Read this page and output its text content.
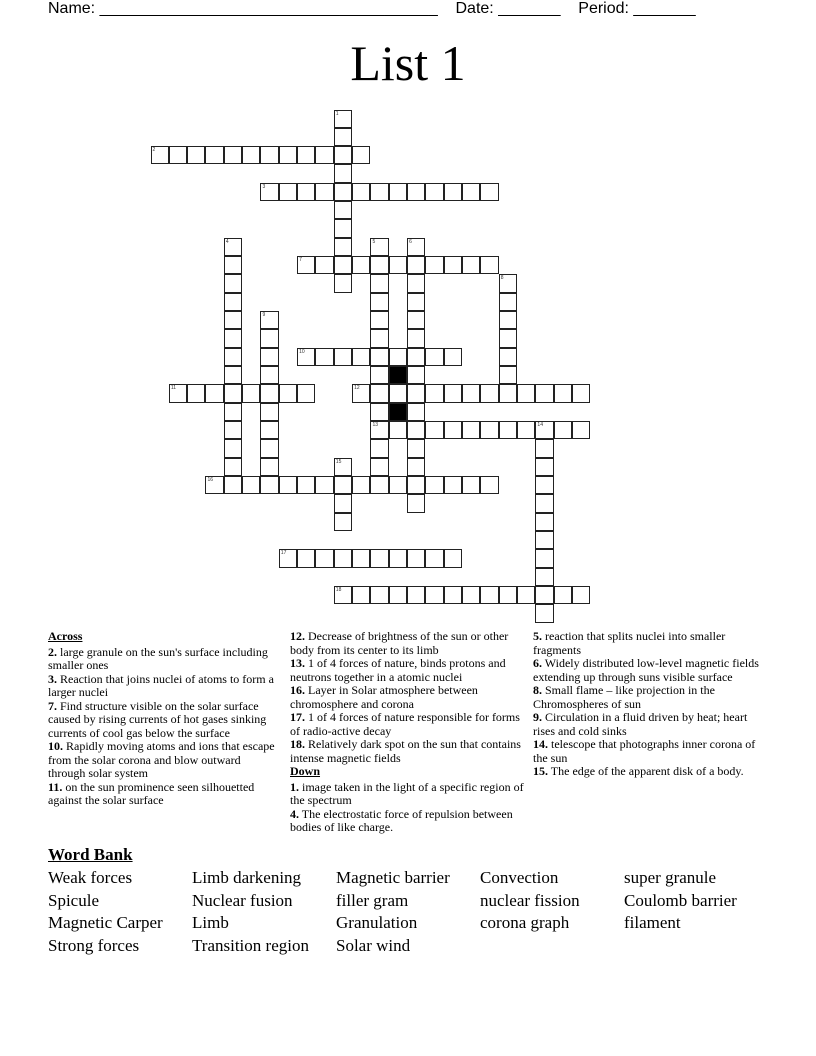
Name: ______________________________________ Date: _______ Period: _______
List 1
2
3
7
10
11	12
13	14
16
17
18
1
4	5	6
8
9
15
Across
2. large granule on the sun's surface including smaller ones
3. Reaction that joins nuclei of atoms to form a larger nuclei
7. Find structure visible on the solar surface caused by rising currents of hot gases sinking currents of cool gas below the surface
10. Rapidly moving atoms and ions that escape from the solar corona and blow outward through solar system
11. on the sun prominence seen silhouetted against the solar surface
12. Decrease of brightness of the sun or other body from its center to its limb
13. 1 of 4 forces of nature, binds protons and neutrons together in a atomic nuclei
16. Layer in Solar atmosphere between chromosphere and corona
17. 1 of 4 forces of nature responsible for forms of radio-active decay
18. Relatively dark spot on the sun that contains intense magnetic fields
Down
1. image taken in the light of a specific region of the spectrum
4. The electrostatic force of repulsion between bodies of like charge.
5. reaction that splits nuclei into smaller fragments
6. Widely distributed low-level magnetic fields extending up through suns visible surface
8. Small flame – like projection in the Chromospheres of sun
9. Circulation in a fluid driven by heat; heart rises and cold sinks
14. telescope that photographs inner corona of the sun
15. The edge of the apparent disk of a body.
Word Bank
Weak forces	Limb darkening	Magnetic barrier	Convection	super granule
Spicule	Nuclear fusion	filler gram	nuclear fission	Coulomb barrier
Magnetic Carper	Limb	Granulation	corona graph	filament
Strong forces	Transition region	Solar wind
